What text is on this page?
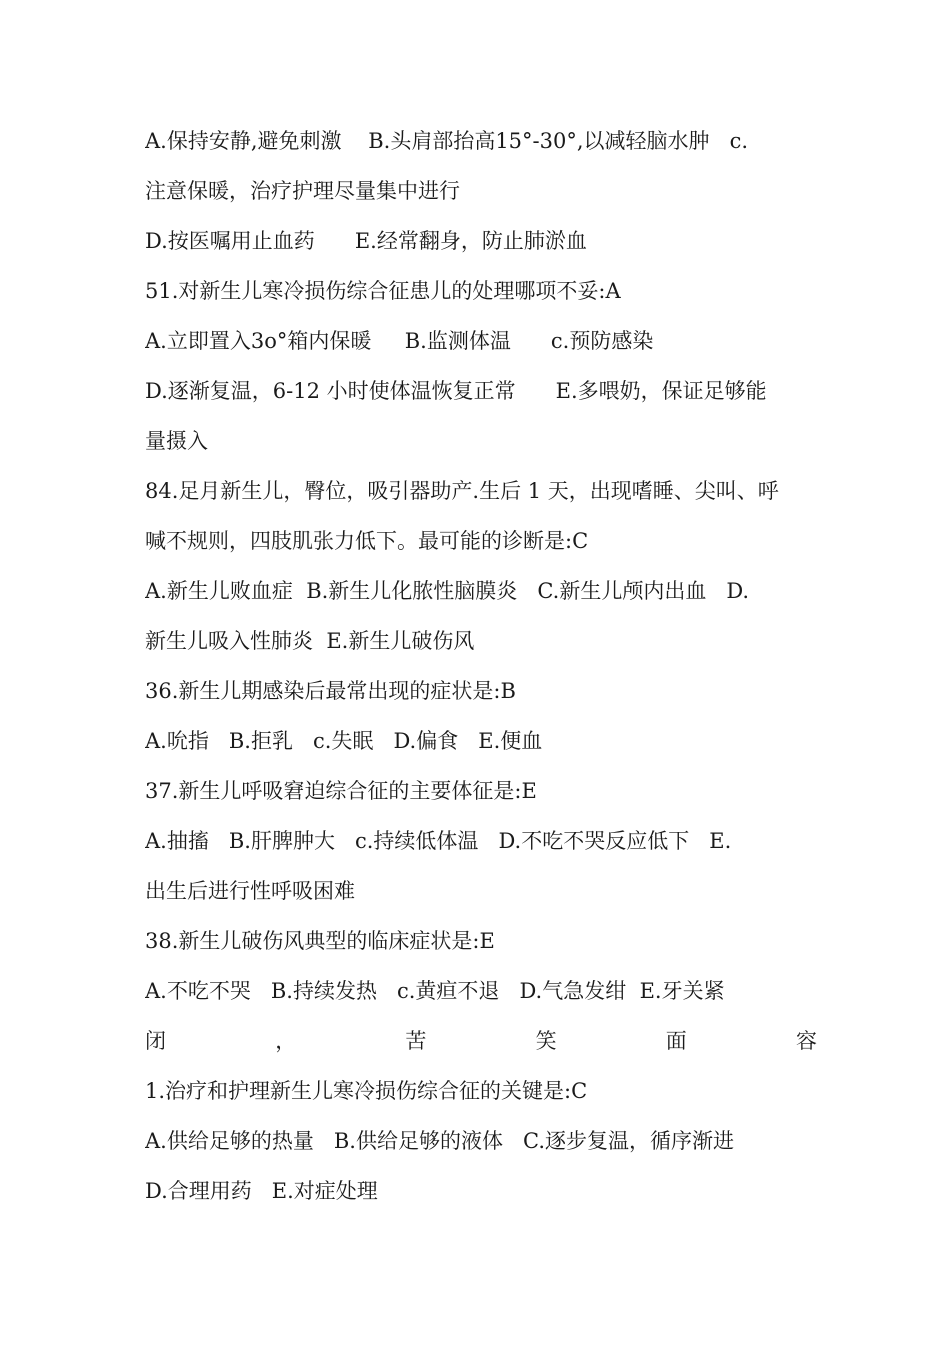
A.保持安静,避免刺激    B.头肩部抬高15°-30°,以减轻脑水肿   c.
注意保暖，治疗护理尽量集中进行
D.按医嘱用止血药      E.经常翻身，防止肺淤血
51.对新生儿寒冷损伤综合征患儿的处理哪项不妥:A
A.立即置入3o°箱内保暖     B.监测体温      c.预防感染
D.逐渐复温，6-12 小时使体温恢复正常      E.多喂奶，保证足够能
量摄入
84.足月新生儿，臀位，吸引器助产.生后 1 天，出现嗜睡、尖叫、呼
喊不规则，四肢肌张力低下。最可能的诊断是:C
A.新生儿败血症  B.新生儿化脓性脑膜炎   C.新生儿颅内出血   D.
新生儿吸入性肺炎  E.新生儿破伤风
36.新生儿期感染后最常出现的症状是:B
A.吮指   B.拒乳   c.失眠   D.偏食   E.便血
37.新生儿呼吸窘迫综合征的主要体征是:E
A.抽搐   B.肝脾肿大   c.持续低体温   D.不吃不哭反应低下   E.
出生后进行性呼吸困难
38.新生儿破伤风典型的临床症状是:E
A.不吃不哭   B.持续发热   c.黄疸不退   D.气急发绀  E.牙关紧
闭	，	苦	笑	面	容
1.治疗和护理新生儿寒冷损伤综合征的关键是:C
A.供给足够的热量   B.供给足够的液体   C.逐步复温，循序渐进
D.合理用药   E.对症处理
